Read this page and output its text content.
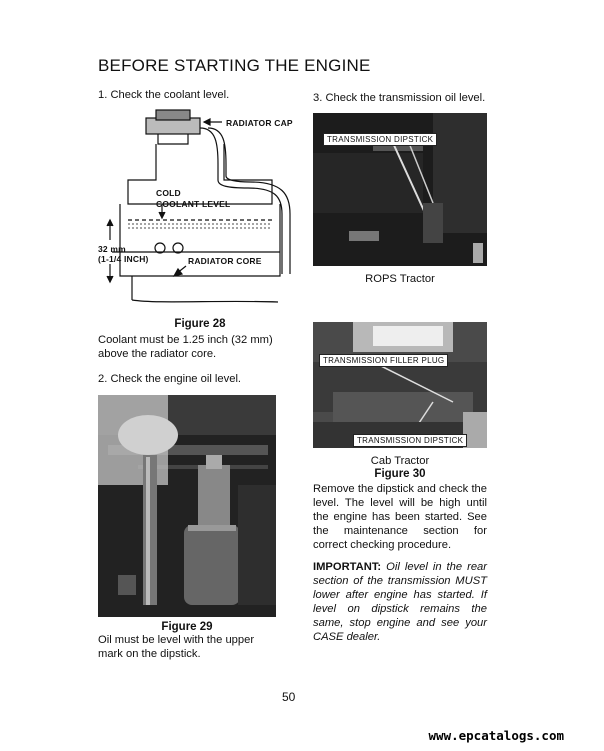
BEFORE STARTING THE ENGINE
1. Check the coolant level.
RADIATOR CAP
COLD
COOLANT LEVEL
32 mm
(1-1/4 INCH)	RADIATOR CORE
Figure 28
Coolant must be 1.25 inch (32 mm) above the radiator core.
2. Check the engine oil level.
Figure 29
Oil must be level with the upper mark on the dipstick.
3. Check the transmission oil level.
TRANSMISSION DIPSTICK
ROPS Tractor
TRANSMISSION FILLER PLUG
TRANSMISSION DIPSTICK
Cab Tractor
Figure 30
Remove the dipstick and check the level. The level will be high until the engine has been started. See the maintenance section for correct checking procedure.
IMPORTANT: Oil level in the rear section of the transmission MUST lower after engine has started. If level on dipstick remains the same, stop engine and see your CASE dealer.
50
www.epcatalogs.com
